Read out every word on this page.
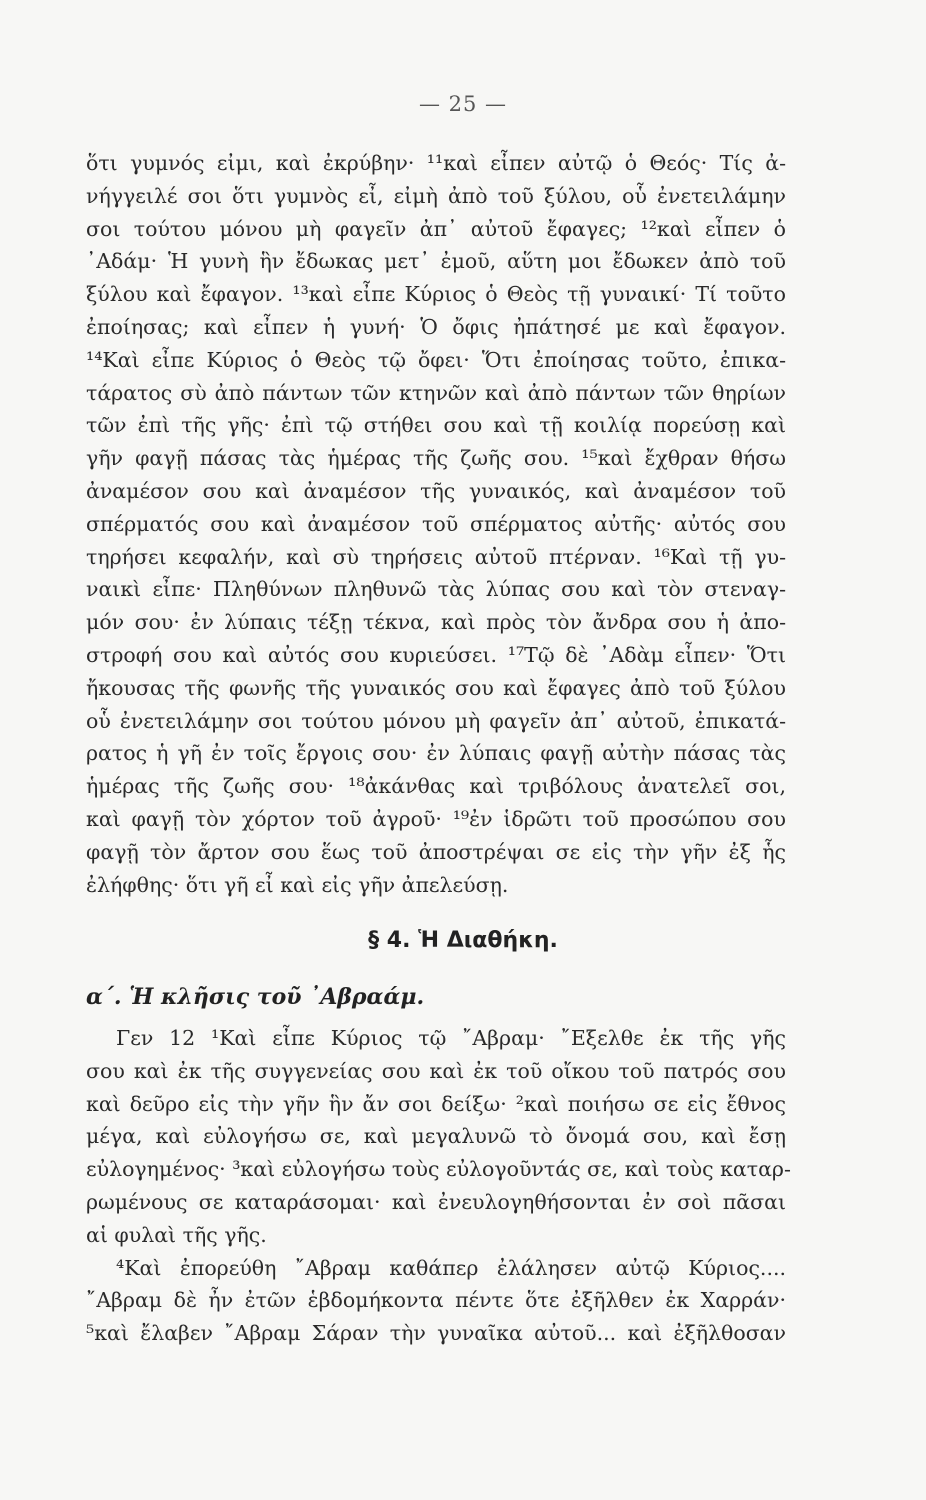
— 25 —
ὅτι γυμνός εἰμι, καὶ ἐκρύβην· ¹¹καὶ εἶπεν αὐτῷ ὁ Θεός· Τίς ἀ-
νήγγειλέ σοι ὅτι γυμνὸς εἶ, εἰμὴ ἀπὸ τοῦ ξύλου, οὗ ἐνετειλάμην
σοι τούτου μόνου μὴ φαγεῖν ἀπ᾽ αὐτοῦ ἔφαγες; ¹²καὶ εἶπεν ὁ
᾽Αδάμ· Ἡ γυνὴ ἣν ἔδωκας μετ᾽ ἐμοῦ, αὕτη μοι ἔδωκεν ἀπὸ τοῦ
ξύλου καὶ ἔφαγον. ¹³καὶ εἶπε Κύριος ὁ Θεὸς τῇ γυναικί· Τί τοῦτο
ἐποίησας; καὶ εἶπεν ἡ γυνή· Ὁ ὄφις ἠπάτησέ με καὶ ἔφαγον.
¹⁴Καὶ εἶπε Κύριος ὁ Θεὸς τῷ ὄφει· Ὅτι ἐποίησας τοῦτο, ἐπικα-
τάρατος σὺ ἀπὸ πάντων τῶν κτηνῶν καὶ ἀπὸ πάντων τῶν θηρίων
τῶν ἐπὶ τῆς γῆς· ἐπὶ τῷ στήθει σου καὶ τῇ κοιλίᾳ πορεύσῃ καὶ
γῆν φαγῇ πάσας τὰς ἡμέρας τῆς ζωῆς σου. ¹⁵καὶ ἔχθραν θήσω
ἀναμέσον σου καὶ ἀναμέσον τῆς γυναικός, καὶ ἀναμέσον τοῦ
σπέρματός σου καὶ ἀναμέσον τοῦ σπέρματος αὐτῆς· αὐτός σου
τηρήσει κεφαλήν, καὶ σὺ τηρήσεις αὐτοῦ πτέρναν. ¹⁶Καὶ τῇ γυ-
ναικὶ εἶπε· Πληθύνων πληθυνῶ τὰς λύπας σου καὶ τὸν στεναγ-
μόν σου· ἐν λύπαις τέξῃ τέκνα, καὶ πρὸς τὸν ἄνδρα σου ἡ ἀπο-
στροφή σου καὶ αὐτός σου κυριεύσει. ¹⁷Τῷ δὲ ᾽Αδὰμ εἶπεν· Ὅτι
ἤκουσας τῆς φωνῆς τῆς γυναικός σου καὶ ἔφαγες ἀπὸ τοῦ ξύλου
οὗ ἐνετειλάμην σοι τούτου μόνου μὴ φαγεῖν ἀπ᾽ αὐτοῦ, ἐπικατά-
ρατος ἡ γῆ ἐν τοῖς ἔργοις σου· ἐν λύπαις φαγῇ αὐτὴν πάσας τὰς
ἡμέρας τῆς ζωῆς σου· ¹⁸ἀκάνθας καὶ τριβόλους ἀνατελεῖ σοι,
καὶ φαγῇ τὸν χόρτον τοῦ ἀγροῦ· ¹⁹ἐν ἱδρῶτι τοῦ προσώπου σου
φαγῇ τὸν ἄρτον σου ἕως τοῦ ἀποστρέψαι σε εἰς τὴν γῆν ἐξ ἧς
ἐλήφθης· ὅτι γῆ εἶ καὶ εἰς γῆν ἀπελεύσῃ.
§ 4. Ἡ Διαθήκη.
α΄. Ἡ κλῆσις τοῦ ᾽Αβραάμ.
Γεν 12 ¹Καὶ εἶπε Κύριος τῷ ῎Αβραμ· ῎Εξελθε ἐκ τῆς γῆς
σου καὶ ἐκ τῆς συγγενείας σου καὶ ἐκ τοῦ οἴκου τοῦ πατρός σου
καὶ δεῦρο εἰς τὴν γῆν ἣν ἄν σοι δείξω· ²καὶ ποιήσω σε εἰς ἔθνος
μέγα, καὶ εὐλογήσω σε, καὶ μεγαλυνῶ τὸ ὄνομά σου, καὶ ἔσῃ
εὐλογημένος· ³καὶ εὐλογήσω τοὺς εὐλογοῦντάς σε, καὶ τοὺς καταρ-
ρωμένους σε καταράσομαι· καὶ ἐνευλογηθήσονται ἐν σοὶ πᾶσαι
αἱ φυλαὶ τῆς γῆς.
⁴Καὶ ἐπορεύθη ῎Αβραμ καθάπερ ἐλάλησεν αὐτῷ Κύριος....
῎Αβραμ δὲ ἦν ἐτῶν ἑβδομήκοντα πέντε ὅτε ἐξῆλθεν ἐκ Χαρράν·
⁵καὶ ἔλαβεν ῎Αβραμ Σάραν τὴν γυναῖκα αὐτοῦ... καὶ ἐξῆλθοσαν
